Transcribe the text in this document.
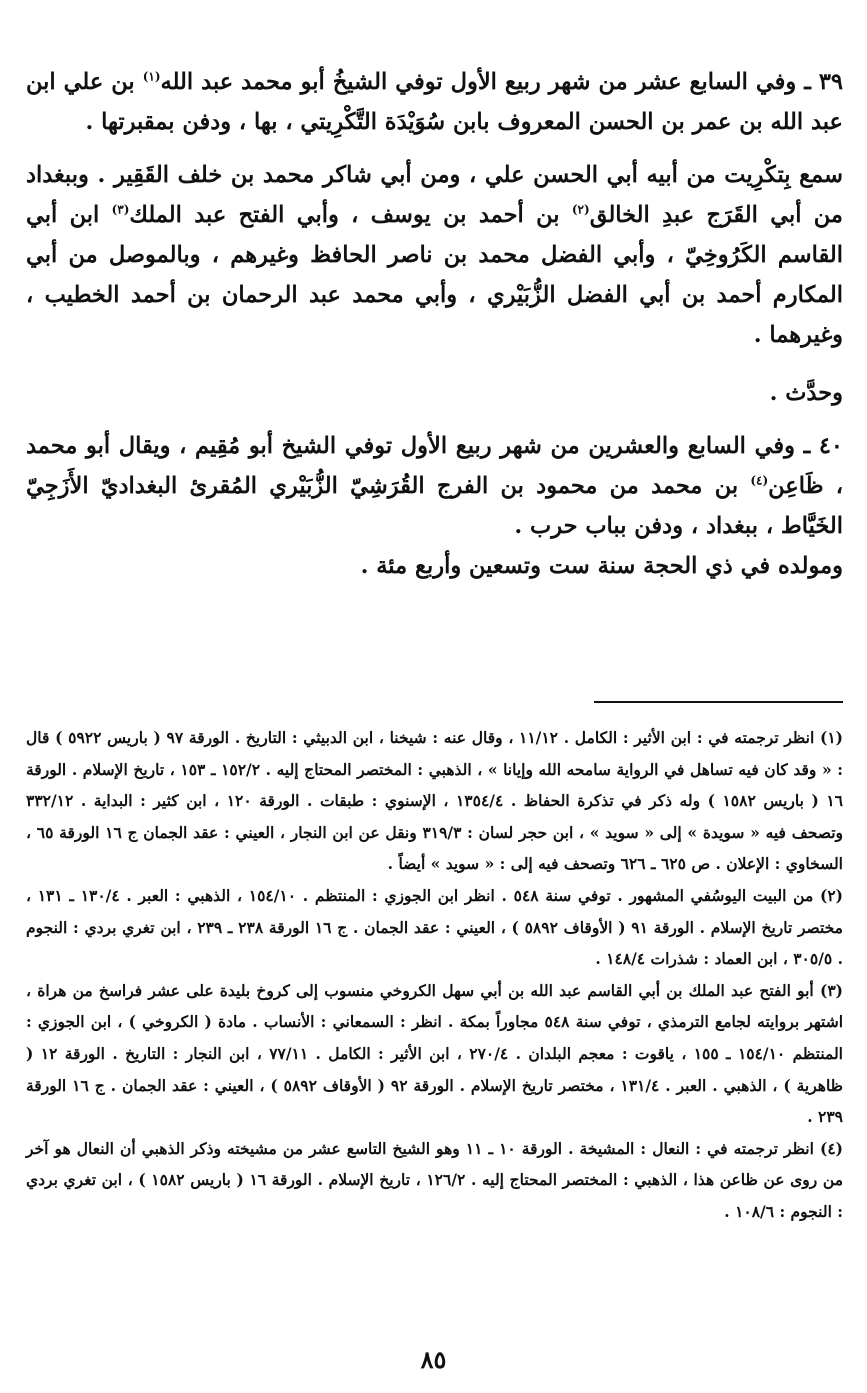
٣٩ ـ وفي السابع عشر من شهر ربيع الأول توفي الشيخُ أبو محمد عبد الله$^{(١)}$ بن علي ابن عبد الله بن عمر بن الحسن المعروف بابن سُوَيْدَة التَّكْرِيتي ، بها ، ودفن بمقبرتها .

سمع بِتكْرِيت من أبيه أبي الحسن علي ، ومن أبي شاكر محمد بن خلف القَقِير . وببغداد من أبي القَرَج عبدِ الخالق$^{(٢)}$ بن أحمد بن يوسف ، وأبي الفتح عبد الملك$^{(٣)}$ ابن أبي القاسم الكَرُوخِيّ ، وأبي الفضل محمد بن ناصر الحافظ وغيرهم ، وبالموصل من أبي المكارم أحمد بن أبي الفضل الزُّبَيْري ، وأبي محمد عبد الرحمان بن أحمد الخطيب ، وغيرهما .

وحدَّث .

٤٠ ـ وفي السابع والعشرين من شهر ربيع الأول توفي الشيخ أبو مُقِيم ، ويقال أبو محمد ، ظَاعِن$^{(٤)}$ بن محمد من محمود بن الفرج القُرَشِيّ الزُّبَيْري المُقرئ البغداديّ الأَزَجِيّ الخَيَّاط ، ببغداد ، ودفن بباب حرب .

ومولده في ذي الحجة سنة ست وتسعين وأربع مئة .

(١) انظر ترجمته في : ابن الأثير : الكامل . ١١/١٢ ، وقال عنه : شيخنا ، ابن الدبيثي : التاريخ . الورقة ٩٧ ( باريس ٥٩٢٢ ) قال : « وقد كان فيه تساهل في الرواية سامحه الله وإيانا » ، الذهبي : المختصر المحتاج إليه . ١٥٢/٢ ـ ١٥٣ ، تاريخ الإسلام . الورقة ١٦ ( باريس ١٥٨٢ ) وله ذكر في تذكرة الحفاظ . ١٣٥٤/٤ ، الإسنوي : طبقات . الورقة ١٢٠ ، ابن كثير : البداية . ٣٣٢/١٢ وتصحف فيه « سويدة » إلى « سويد » ، ابن حجر لسان : ٣١٩/٣ ونقل عن ابن النجار ، العيني : عقد الجمان ج ١٦ الورقة ٦٥ ، السخاوي : الإعلان . ص ٦٢٥ ـ ٦٢٦ وتصحف فيه إلى : « سويد » أيضاً .

(٢) من البيت اليوسُفي المشهور . توفي سنة ٥٤٨ . انظر ابن الجوزي : المنتظم . ١٥٤/١٠ ، الذهبي : العبر . ١٣٠/٤ ـ ١٣١ ، مختصر تاريخ الإسلام . الورقة ٩١ ( الأوقاف ٥٨٩٢ ) ، العيني : عقد الجمان . ج ١٦ الورقة ٢٣٨ ـ ٢٣٩ ، ابن تغري بردي : النجوم . ٣٠٥/٥ ، ابن العماد : شذرات ١٤٨/٤ .

(٣) أبو الفتح عبد الملك بن أبي القاسم عبد الله بن أبي سهل الكروخي منسوب إلى كروخ بليدة على عشر فراسخ من هراة ، اشتهر بروايته لجامع الترمذي ، توفي سنة ٥٤٨ مجاوراً بمكة . انظر : السمعاني : الأنساب . مادة ( الكروخي ) ، ابن الجوزي : المنتظم ١٥٤/١٠ ـ ١٥٥ ، ياقوت : معجم البلدان . ٢٧٠/٤ ، ابن الأثير : الكامل . ٧٧/١١ ، ابن النجار : التاريخ . الورقة ١٢ ( ظاهرية ) ، الذهبي . العبر . ١٣١/٤ ، مختصر تاريخ الإسلام . الورقة ٩٢ ( الأوقاف ٥٨٩٢ ) ، العيني : عقد الجمان . ج ١٦ الورقة ٢٣٩ .

(٤) انظر ترجمته في : النعال : المشيخة . الورقة ١٠ ـ ١١ وهو الشيخ التاسع عشر من مشيخته وذكر الذهبي أن النعال هو آخر من روى عن ظاعن هذا ، الذهبي : المختصر المحتاج إليه . ١٢٦/٢ ، تاريخ الإسلام . الورقة ١٦ ( باريس ١٥٨٢ ) ، ابن تغري بردي : النجوم : ١٠٨/٦ .

٨٥
